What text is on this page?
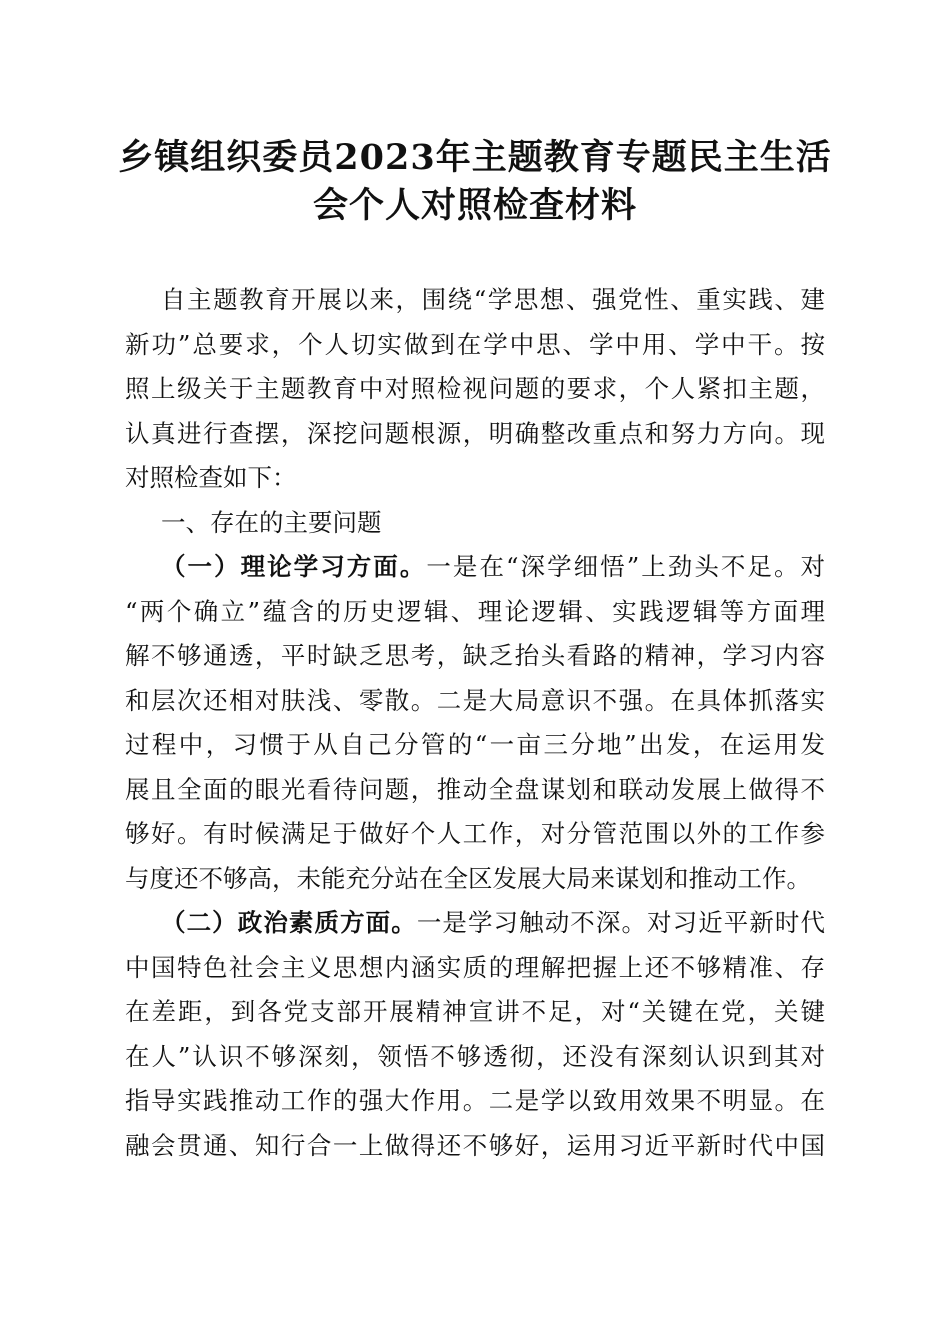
乡镇组织委员2023年主题教育专题民主生活
会个人对照检查材料
自主题教育开展以来，围绕“学思想、强党性、重实践、建
新功”总要求，个人切实做到在学中思、学中用、学中干。按
照上级关于主题教育中对照检视问题的要求，个人紧扣主题，
认真进行查摆，深挖问题根源，明确整改重点和努力方向。现
对照检查如下：
一、存在的主要问题
（一）理论学习方面。一是在“深学细悟”上劲头不足。对
“两个确立”蕴含的历史逻辑、理论逻辑、实践逻辑等方面理
解不够通透，平时缺乏思考，缺乏抬头看路的精神，学习内容
和层次还相对肤浅、零散。二是大局意识不强。在具体抓落实
过程中，习惯于从自己分管的“一亩三分地”出发，在运用发
展且全面的眼光看待问题，推动全盘谋划和联动发展上做得不
够好。有时候满足于做好个人工作，对分管范围以外的工作参
与度还不够高，未能充分站在全区发展大局来谋划和推动工作。
（二）政治素质方面。一是学习触动不深。对习近平新时代
中国特色社会主义思想内涵实质的理解把握上还不够精准、存
在差距，到各党支部开展精神宣讲不足，对“关键在党，关键
在人”认识不够深刻，领悟不够透彻，还没有深刻认识到其对
指导实践推动工作的强大作用。二是学以致用效果不明显。在
融会贯通、知行合一上做得还不够好，运用习近平新时代中国
